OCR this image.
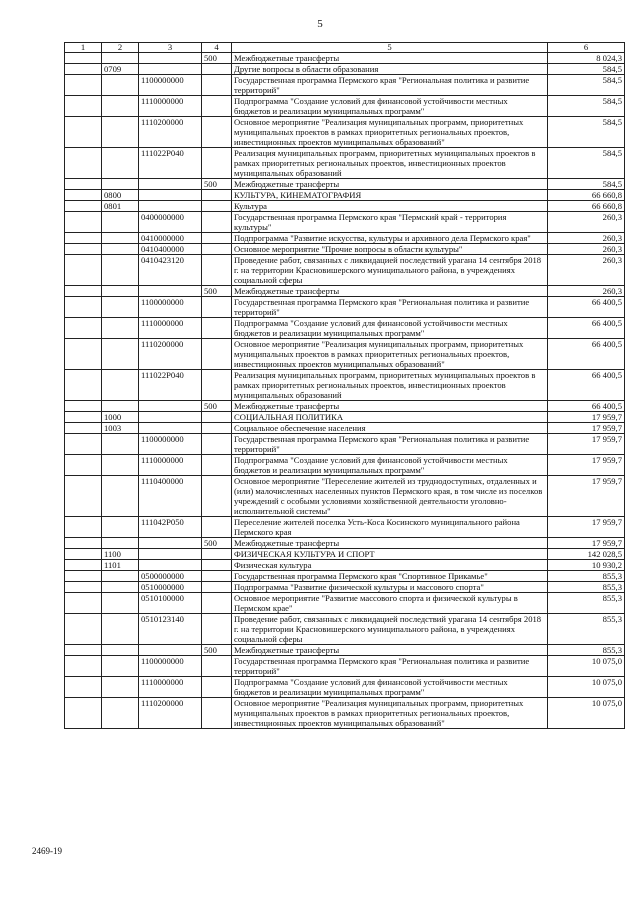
5
1	2	3	4	5	6
			500	Межбюджетные трансферты	8 024,3
	0709			Другие вопросы в области образования	584,5
		1100000000		Государственная программа Пермского края "Региональная политика и развитие территорий"	584,5
		1110000000		Подпрограмма "Создание условий для финансовой устойчивости местных бюджетов и реализации муниципальных программ"	584,5
		1110200000		Основное мероприятие "Реализация муниципальных программ, приоритетных муниципальных проектов в рамках приоритетных региональных проектов, инвестиционных проектов муниципальных образований"	584,5
		111022Р040		Реализация муниципальных программ, приоритетных муниципальных проектов в рамках приоритетных региональных проектов, инвестиционных проектов муниципальных образований	584,5
			500	Межбюджетные трансферты	584,5
	0800			КУЛЬТУРА, КИНЕМАТОГРАФИЯ	66 660,8
	0801			Культура	66 660,8
		0400000000		Государственная программа Пермского края "Пермский край - территория культуры"	260,3
		0410000000		Подпрограмма "Развитие искусства, культуры и архивного дела Пермского края"	260,3
		0410400000		Основное мероприятие "Прочие вопросы в области культуры"	260,3
		0410423120		Проведение работ, связанных с ликвидацией последствий урагана 14 сентября 2018 г. на территории Красновишерского муниципального района, в учреждениях социальной сферы	260,3
			500	Межбюджетные трансферты	260,3
		1100000000		Государственная программа Пермского края "Региональная политика и развитие территорий"	66 400,5
		1110000000		Подпрограмма "Создание условий для финансовой устойчивости местных бюджетов и реализации муниципальных программ"	66 400,5
		1110200000		Основное мероприятие "Реализация муниципальных программ, приоритетных муниципальных проектов в рамках приоритетных региональных проектов, инвестиционных проектов муниципальных образований"	66 400,5
		111022Р040		Реализация муниципальных программ, приоритетных муниципальных проектов в рамках приоритетных региональных проектов, инвестиционных проектов муниципальных образований	66 400,5
			500	Межбюджетные трансферты	66 400,5
	1000			СОЦИАЛЬНАЯ ПОЛИТИКА	17 959,7
	1003			Социальное обеспечение населения	17 959,7
		1100000000		Государственная программа Пермского края "Региональная политика и развитие территорий"	17 959,7
		1110000000		Подпрограмма "Создание условий для финансовой устойчивости местных бюджетов и реализации муниципальных программ"	17 959,7
		1110400000		Основное мероприятие "Переселение жителей из труднодоступных, отдаленных и (или) малочисленных населенных пунктов Пермского края, в том числе из поселков учреждений с особыми условиями хозяйственной деятельности уголовно-исполнительной системы"	17 959,7
		111042Р050		Переселение жителей поселка Усть-Коса Косинского муниципального района Пермского края	17 959,7
			500	Межбюджетные трансферты	17 959,7
	1100			ФИЗИЧЕСКАЯ КУЛЬТУРА И СПОРТ	142 028,5
	1101			Физическая культура	10 930,2
		0500000000		Государственная программа Пермского края "Спортивное Прикамье"	855,3
		0510000000		Подпрограмма "Развитие физической культуры и массового спорта"	855,3
		0510100000		Основное мероприятие "Развитие массового спорта и физической культуры в Пермском крае"	855,3
		0510123140		Проведение работ, связанных с ликвидацией последствий урагана 14 сентября 2018 г. на территории Красновишерского муниципального района, в учреждениях социальной сферы	855,3
			500	Межбюджетные трансферты	855,3
		1100000000		Государственная программа Пермского края "Региональная политика и развитие территорий"	10 075,0
		1110000000		Подпрограмма "Создание условий для финансовой устойчивости местных бюджетов и реализации муниципальных программ"	10 075,0
		1110200000		Основное мероприятие "Реализация муниципальных программ, приоритетных муниципальных проектов в рамках приоритетных региональных проектов, инвестиционных проектов муниципальных образований"	10 075,0
2469-19
